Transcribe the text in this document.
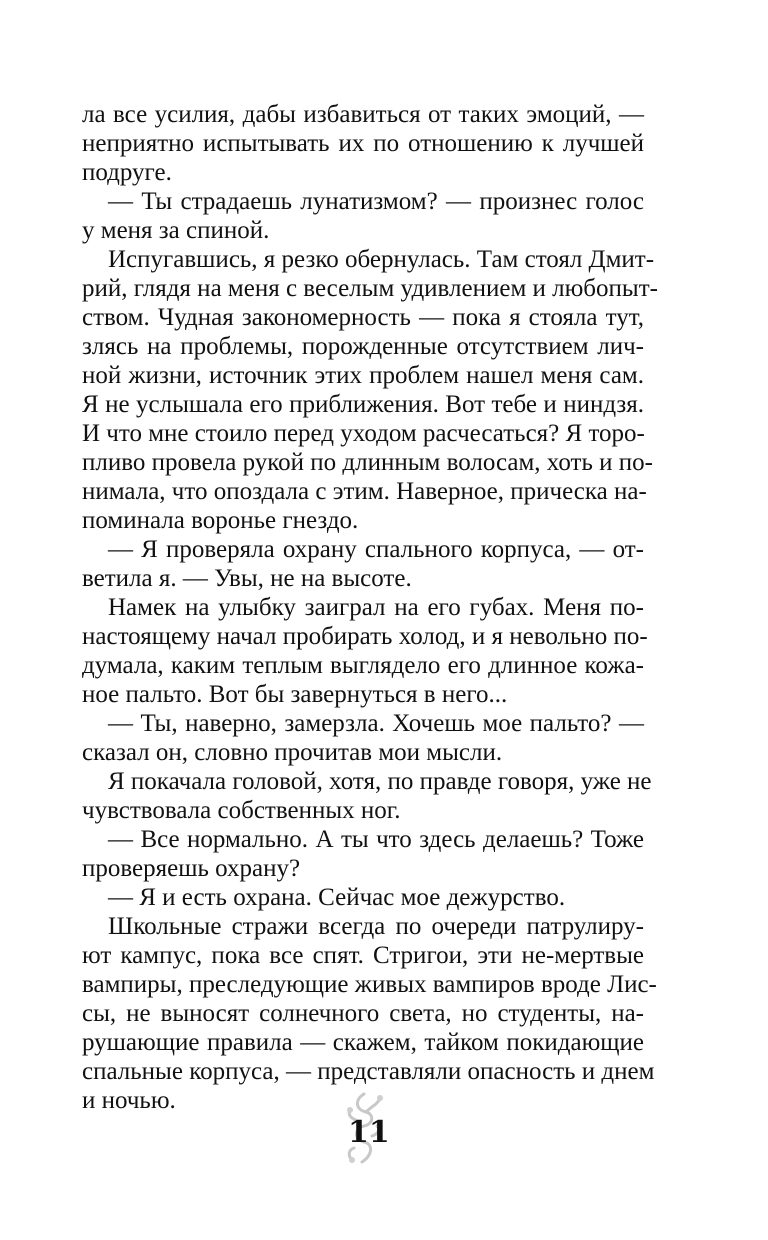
ла все усилия, дабы избавиться от таких эмоций, —
неприятно испытывать их по отношению к лучшей
подруге.
— Ты страдаешь лунатизмом? — произнес голос
у меня за спиной.
Испугавшись, я резко обернулась. Там стоял Дмит-
рий, глядя на меня с веселым удивлением и любопыт-
ством. Чудная закономерность — пока я стояла тут,
злясь на проблемы, порожденные отсутствием лич-
ной жизни, источник этих проблем нашел меня сам.
Я не услышала его приближения. Вот тебе и ниндзя.
И что мне стоило перед уходом расчесаться? Я торо-
пливо провела рукой по длинным волосам, хоть и по-
нимала, что опоздала с этим. Наверное, прическа на-
поминала воронье гнездо.
— Я проверяла охрану спального корпуса, — от-
ветила я. — Увы, не на высоте.
Намек на улыбку заиграл на его губах. Меня по-
настоящему начал пробирать холод, и я невольно по-
думала, каким теплым выглядело его длинное кожа-
ное пальто. Вот бы завернуться в него...
— Ты, наверно, замерзла. Хочешь мое пальто? —
сказал он, словно прочитав мои мысли.
Я покачала головой, хотя, по правде говоря, уже не
чувствовала собственных ног.
— Все нормально. А ты что здесь делаешь? Тоже
проверяешь охрану?
— Я и есть охрана. Сейчас мое дежурство.
Школьные стражи всегда по очереди патрулиру-
ют кампус, пока все спят. Стригои, эти не-мертвые
вампиры, преследующие живых вампиров вроде Лис-
сы, не выносят солнечного света, но студенты, на-
рушающие правила — скажем, тайком покидающие
спальные корпуса, — представляли опасность и днем
и ночью.
11
